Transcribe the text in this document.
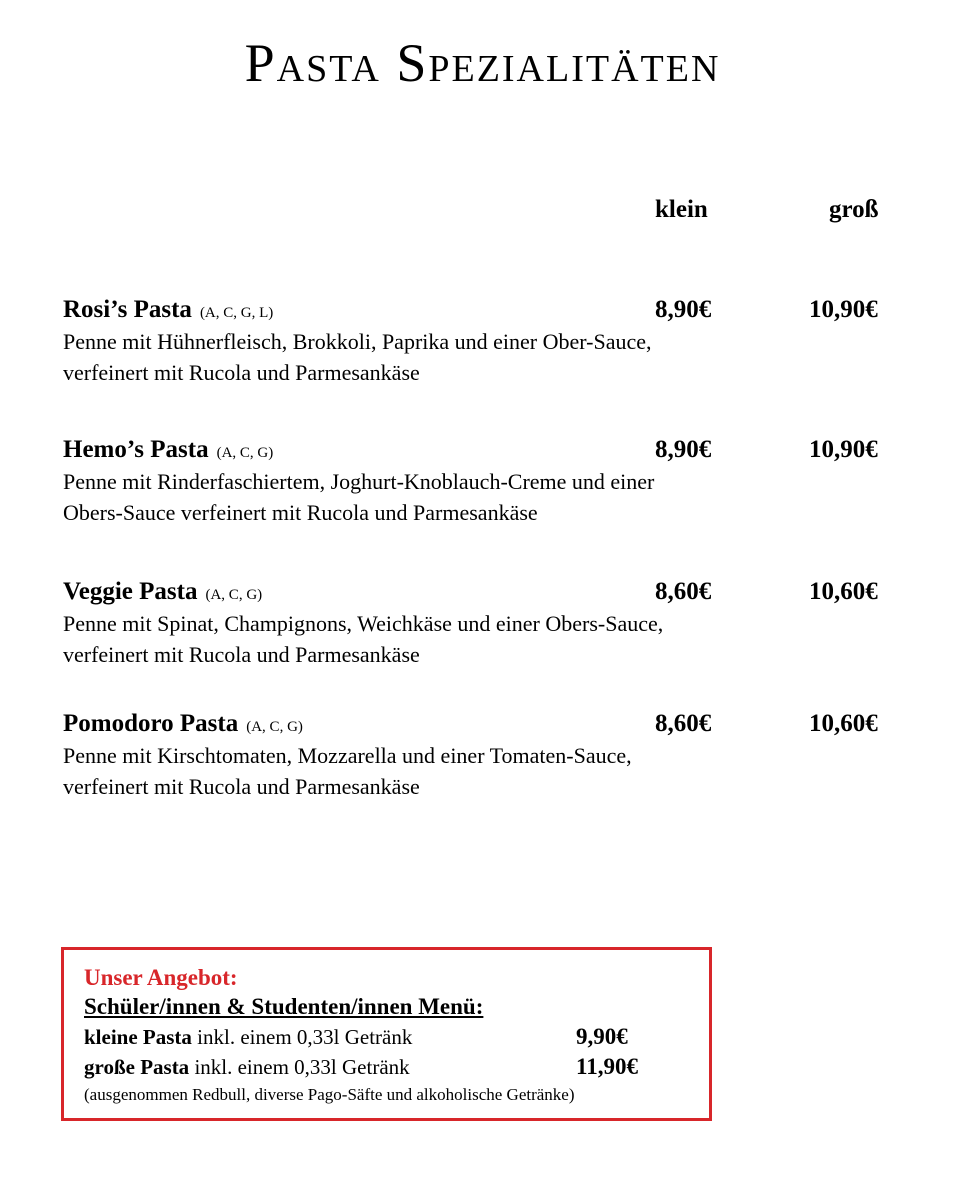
Pasta Spezialitäten
klein	groß
Rosi’s Pasta (A, C, G, L)	8,90€	10,90€
Penne mit Hühnerfleisch, Brokkoli, Paprika und einer Ober-Sauce,
verfeinert mit Rucola und Parmesankäse
Hemo’s Pasta (A, C, G)	8,90€	10,90€
Penne mit Rinderfaschiertem, Joghurt-Knoblauch-Creme und einer
Obers-Sauce verfeinert mit Rucola und Parmesankäse
Veggie Pasta (A, C, G)	8,60€	10,60€
Penne mit Spinat, Champignons, Weichkäse und einer Obers-Sauce,
verfeinert mit Rucola und Parmesankäse
Pomodoro Pasta (A, C, G)	8,60€	10,60€
Penne mit Kirschtomaten, Mozzarella und einer Tomaten-Sauce,
verfeinert mit Rucola und Parmesankäse
Unser Angebot:
Schüler/innen & Studenten/innen Menü:
kleine Pasta inkl. einem 0,33l Getränk	9,90€
große Pasta inkl. einem 0,33l Getränk	11,90€
(ausgenommen Redbull, diverse Pago-Säfte und alkoholische Getränke)
